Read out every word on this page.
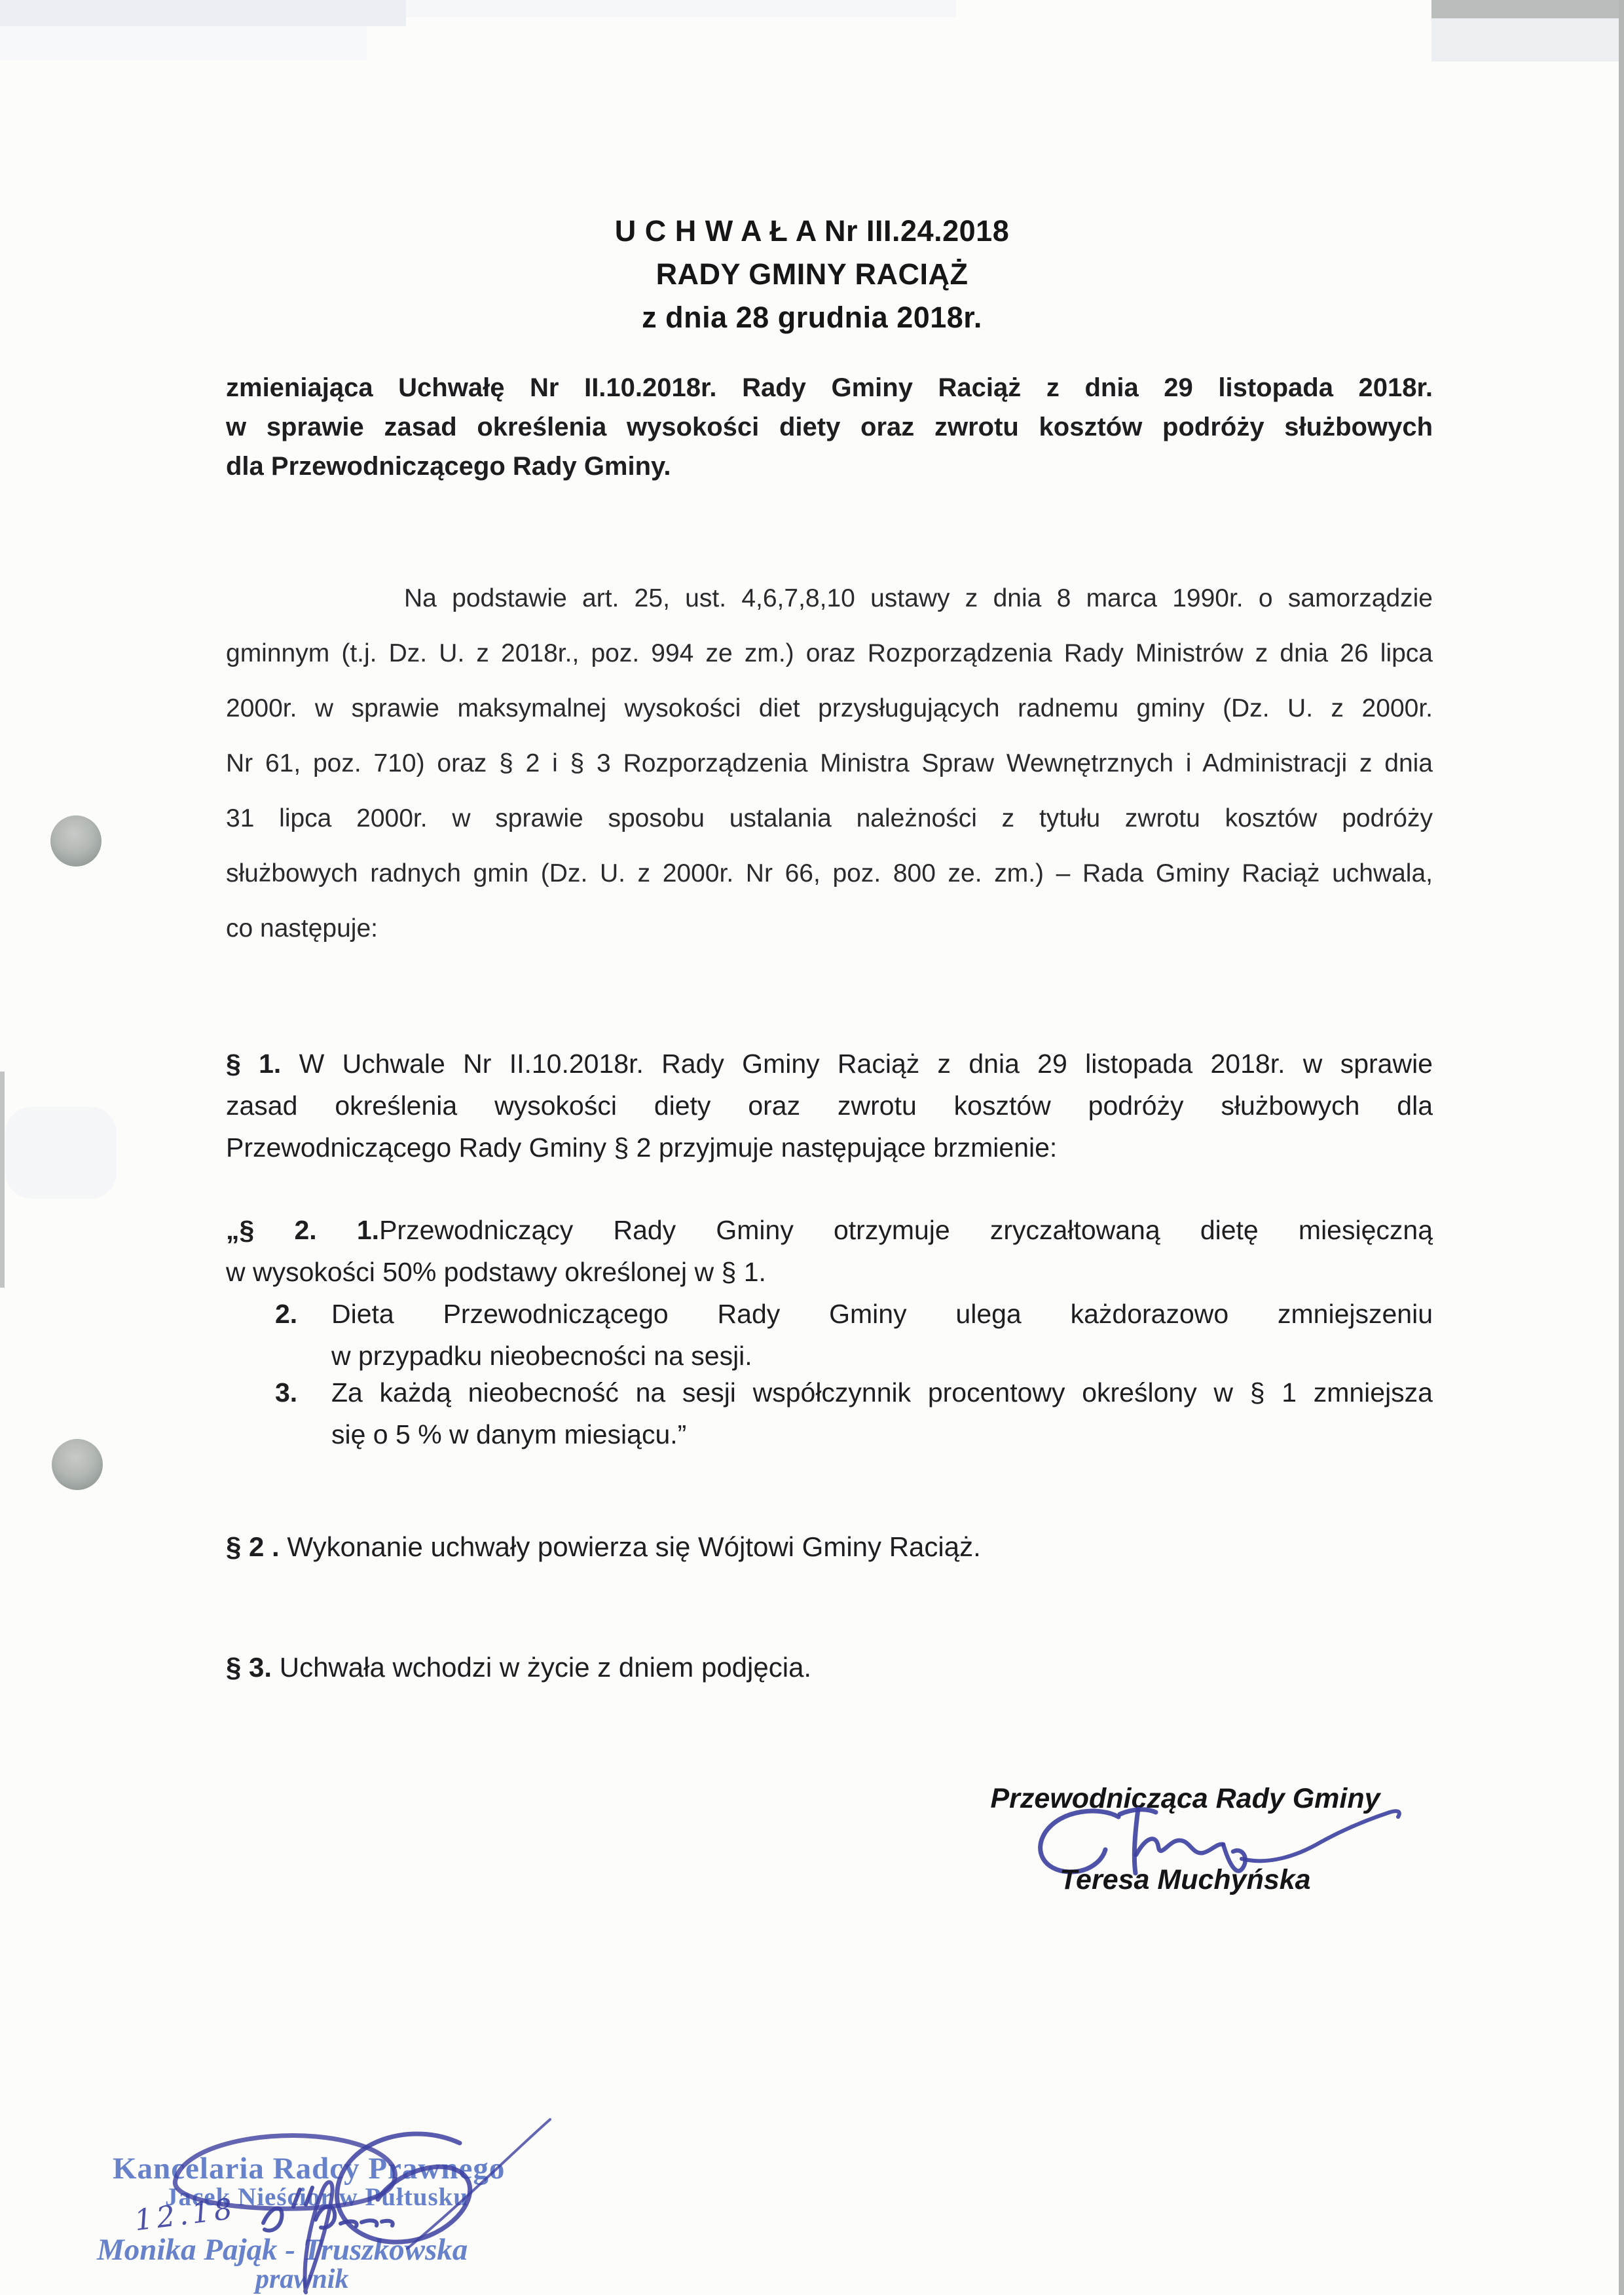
U C H W A Ł A Nr III.24.2018
RADY GMINY RACIĄŻ
z dnia 28 grudnia 2018r.
zmieniająca Uchwałę Nr II.10.2018r. Rady Gminy Raciąż z dnia 29 listopada 2018r.
w sprawie zasad określenia wysokości diety oraz zwrotu kosztów podróży służbowych
dla Przewodniczącego Rady Gminy.
Na podstawie art. 25, ust. 4,6,7,8,10 ustawy z dnia 8 marca 1990r. o samorządzie
gminnym (t.j. Dz. U. z 2018r., poz. 994 ze zm.) oraz Rozporządzenia Rady Ministrów z dnia 26 lipca
2000r. w sprawie maksymalnej wysokości diet przysługujących radnemu gminy (Dz. U. z 2000r.
Nr 61, poz. 710) oraz § 2 i § 3 Rozporządzenia Ministra Spraw Wewnętrznych i Administracji z dnia
31 lipca 2000r. w sprawie sposobu ustalania należności z tytułu zwrotu kosztów podróży
służbowych radnych gmin (Dz. U. z 2000r. Nr 66, poz. 800 ze. zm.) – Rada Gminy Raciąż uchwala,
co następuje:
§ 1. W Uchwale Nr II.10.2018r. Rady Gminy Raciąż z dnia 29 listopada 2018r. w sprawie
zasad określenia wysokości diety oraz zwrotu kosztów podróży służbowych dla
Przewodniczącego Rady Gminy § 2 przyjmuje następujące brzmienie:
„§ 2. 1.Przewodniczący Rady Gminy otrzymuje zryczałtowaną dietę miesięczną
w wysokości 50% podstawy określonej w § 1.
2. Dieta Przewodniczącego Rady Gminy ulega każdorazowo zmniejszeniu
w przypadku nieobecności na sesji.
3. Za każdą nieobecność na sesji współczynnik procentowy określony w § 1 zmniejsza
się o 5 % w danym miesiącu.”
§ 2 . Wykonanie uchwały powierza się Wójtowi Gminy Raciąż.
§ 3. Uchwała wchodzi w życie z dniem podjęcia.
Przewodnicząca Rady Gminy
Teresa Muchyńska
Kancelaria Radcy Prawnego
Jacek Nieścior w Pułtusku
12.18
Monika Pająk - Truszkowska
prawnik
